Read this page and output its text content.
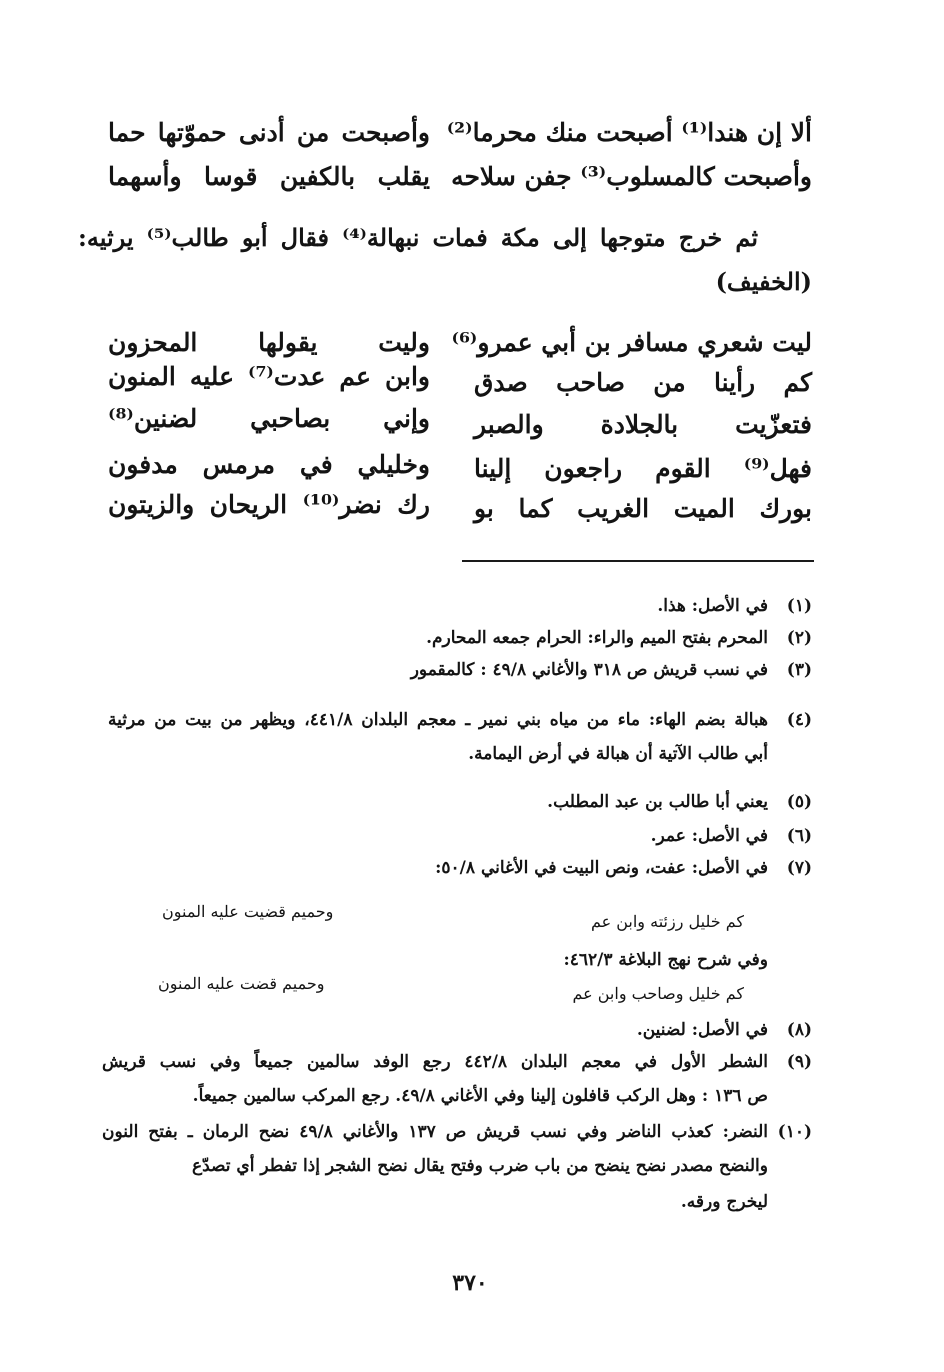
ألا إن هندا⁽¹⁾ أصبحت منك محرما⁽²⁾
وأصبحت من أدنى حموّتها حما
وأصبحت كالمسلوب⁽³⁾ جفن سلاحه
يقلب بالكفين قوسا وأسهما
ثم خرج متوجها إلى مكة فمات نبهالة⁽⁴⁾ فقال أبو طالب⁽⁵⁾ يرثيه:
(الخفيف)
ليت شعري مسافر بن أبي عمرو⁽⁶⁾
وليت يقولها المحزون
كم رأينا من صاحب صدق
وابن عم عدت⁽⁷⁾ عليه المنون
فتعزّيت بالجلادة والصبر
وإني بصاحبي لضنين⁽⁸⁾
فهل⁽⁹⁾ القوم راجعون إلينا
وخليلي في مرمس مدفون
بورك الميت الغريب كما بو
رك نضر⁽¹⁰⁾ الريحان والزيتون
(١)
في الأصل: هذا.
(٢)
المحرم بفتح الميم والراء: الحرام جمعه المحارم.
(٣)
في نسب قريش ص ٣١٨ والأغاني ٤٩/٨ : كالمقمور
(٤)
هبالة بضم الهاء: ماء من مياه بني نمير ـ معجم البلدان ٤٤١/٨، ويظهر من بيت من مرثية
أبي طالب الآتية أن هبالة في أرض اليمامة.
(٥)
يعني أبا طالب بن عبد المطلب.
(٦)
في الأصل: عمر.
(٧)
في الأصل: عفت، ونص البيت في الأغاني ٥٠/٨:
كم خليل رزئته وابن عم
وحميم قضيت عليه المنون
وفي شرح نهج البلاغة ٤٦٢/٣:
كم خليل وصاحب وابن عم
وحميم قضت عليه المنون
(٨)
في الأصل: لضنين.
(٩)
الشطر الأول في معجم البلدان ٤٤٢/٨ رجع الوفد سالمين جميعاً وفي نسب قريش
ص ١٣٦ : وهل الركب قافلون إلينا وفي الأغاني ٤٩/٨. رجع المركب سالمين جميعاً.
(١٠)
النضر: كعذب الناضر وفي نسب قريش ص ١٣٧ والأغاني ٤٩/٨ نضح الرمان ـ بفتح النون
والنضح مصدر نضح ينضح من باب ضرب وفتح يقال نضح الشجر إذا تفطر أي تصدّع
ليخرج ورقه.
٣٧٠
